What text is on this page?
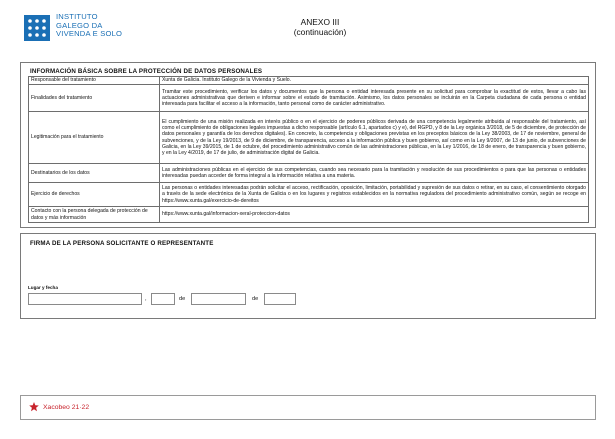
INSTITUTO
GALEGO DA
VIVENDA E SOLO
ANEXO III
(continuación)
INFORMACIÓN BÁSICA SOBRE LA PROTECCIÓN DE DATOS PERSONALES
Responsable del tratamiento	Xunta de Galicia. Instituto Galego de la Vivienda y Suelo.
Finalidades del tratamiento	Tramitar este procedimiento, verificar los datos y documentos que la persona o entidad interesada presente en su solicitud para comprobar la exactitud de estos, llevar a cabo las actuaciones administrativas que deriven e informar sobre el estado de tramitación. Asimismo, los datos personales se incluirán en la Carpeta ciudadana de cada persona o entidad interesada para facilitar el acceso a la información, tanto personal como de carácter administrativo.
Legitimación para el tratamiento	El cumplimiento de una misión realizada en interés público o en el ejercicio de poderes públicos derivada de una competencia legalmente atribuida al responsable del tratamiento, así como el cumplimiento de obligaciones legales impuestas a dicho responsable (artículo 6.1, apartados c) y e), del RGPD, y 8 de la Ley orgánica 3/2018, de 5 de diciembre, de protección de datos personales y garantía de los derechos digitales). En concreto, la competencia y obligaciones previstas en los preceptos básicos de la Ley 38/2003, de 17 de noviembre, general de subvenciones, y de la Ley 19/2013, de 9 de diciembre, de transparencia, acceso a la información pública y buen gobierno, así como en la Ley 9/2007, de 13 de junio, de subvenciones de Galicia, en la Ley 39/2015, de 1 de octubre, del procedimiento administrativo común de las administraciones públicas, en la Ley 1/2016, de 18 de enero, de transparencia y buen gobierno, y en la Ley 4/2019, de 17 de julio, de administración digital de Galicia.
Destinatarios de los datos	Las administraciones públicas en el ejercicio de sus competencias, cuando sea necesario para la tramitación y resolución de sus procedimientos o para que las personas o entidades interesadas puedan acceder de forma integral a la información relativa a una materia.
Ejercicio de derechos	Las personas o entidades interesadas podrán solicitar el acceso, rectificación, oposición, limitación, portabilidad y supresión de sus datos o retirar, en su caso, el consentimiento otorgado a través de la sede electrónica de la Xunta de Galicia o en los lugares y registros establecidos en la normativa reguladora del procedimiento administrativo común, según se recoge en https://www.xunta.gal/exercicio-de-dereitos
Contacto con la persona delegada de protección de datos y más información	https://www.xunta.gal/informacion-xeral-proteccion-datos
FIRMA DE LA PERSONA SOLICITANTE O REPRESENTANTE
Lugar y fecha
,	de	de
Xacobeo 21·22
